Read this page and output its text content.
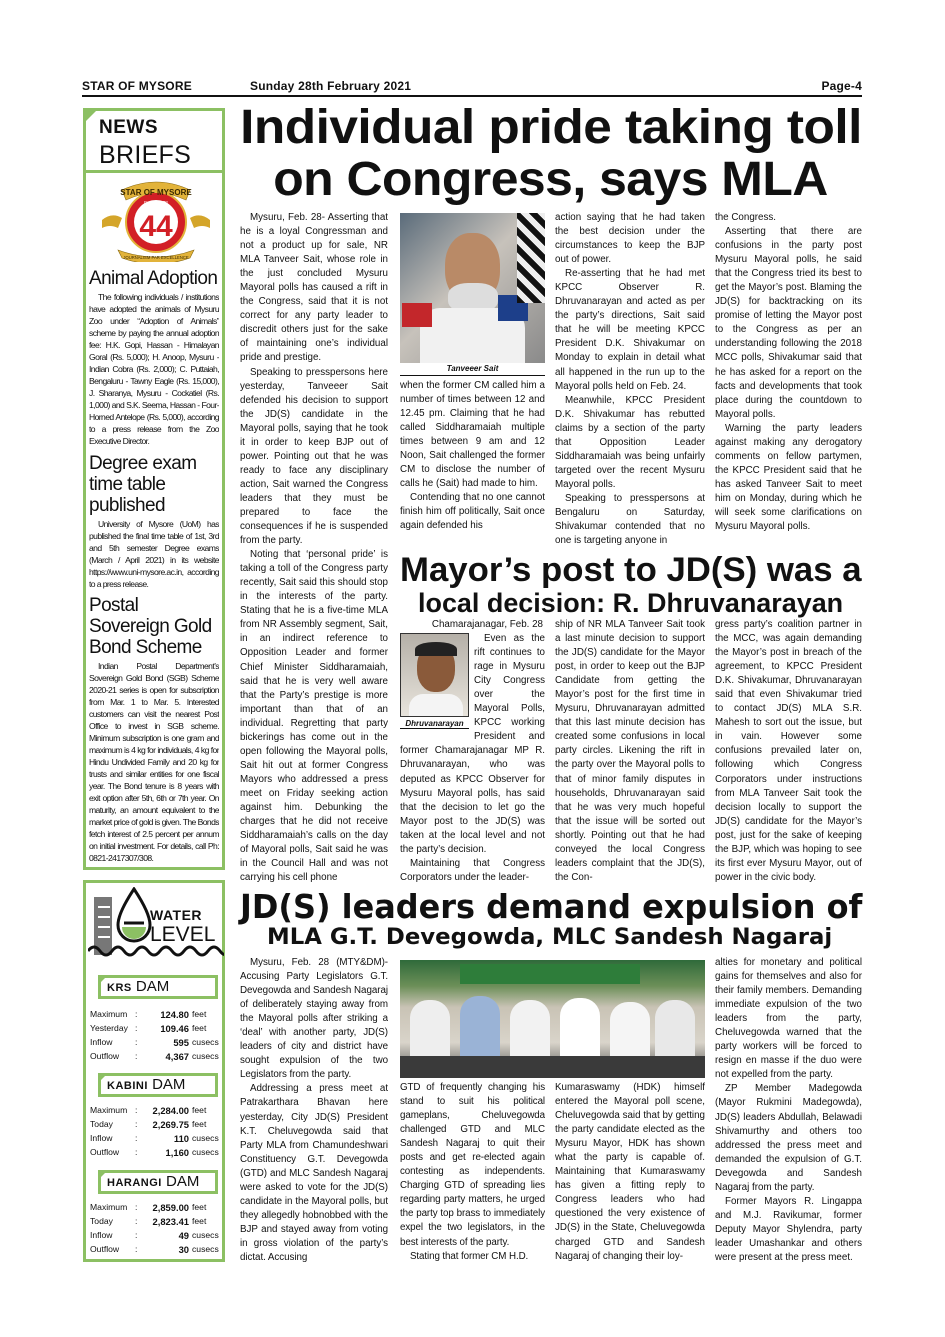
STAR OF MYSORE	Sunday 28th February 2021	Page-4
NEWS
BRIEFS
44
STAR OF MYSORE
Estd. 1978
JOURNALISM PAR EXCELLENCE
Animal Adoption

The following individuals / institutions have adopted the animals of Mysuru Zoo under “Adoption of Animals” scheme by paying the annual adoption fee: H.K. Gopi, Hassan - Himalayan Goral (Rs. 5,000); H. Anoop, Mysuru - Indian Cobra (Rs. 2,000); C. Puttaiah, Bengaluru - Tawny Eagle (Rs. 15,000), J. Sharanya, Mysuru - Cockatiel (Rs. 1,000) and S.K. Seema, Hassan - Four-Horned Antelope (Rs. 5,000), according to a press release from the Zoo Executive Director.

Degree exam time table published

University of Mysore (UoM) has published the final time table of 1st, 3rd and 5th semester Degree exams (March / April 2021) in its website https://www.uni-mysore.ac.in, according to a press release.

Postal Sovereign Gold Bond Scheme

Indian Postal Department’s Sovereign Gold Bond (SGB) Scheme 2020-21 series is open for subscription from Mar. 1 to Mar. 5. Interested customers can visit the nearest Post Office to invest in SGB scheme. Minimum subscription is one gram and maximum is 4 kg for individuals, 4 kg for Hindu Undivided Family and 20 kg for trusts and similar entities for one fiscal year. The Bond tenure is 8 years with exit option after 5th, 6th or 7th year. On maturity, an amount equivalent to the market price of gold is given. The Bonds fetch interest of 2.5 percent per annum on initial investment. For details, call Ph: 0821-2417307/308.

WATER
LEVEL
KRS DAM
Maximum :	124.80 feet
Yesterday :	109.46 feet
Inflow	:	595 cusecs
Outflow	:	4,367 cusecs
KABINI DAM
Maximum :	2,284.00 feet
Today	:	2,269.75 feet
Inflow	:	110 cusecs
Outflow	:	1,160 cusecs
HARANGI DAM
Maximum :	2,859.00 feet
Today	:	2,823.41 feet
Inflow	:	49 cusecs
Outflow	:	30 cusecs
Individual pride taking toll
on Congress, says MLA

Mysuru, Feb. 28- Asserting that he is a loyal Congressman and not a product up for sale, NR MLA Tanveer Sait, whose role in the just concluded Mysuru Mayoral polls has caused a rift in the Congress, said that it is not correct for any party leader to discredit others just for the sake of maintaining one’s individual pride and prestige.

Speaking to presspersons here yesterday, Tanveeer Sait defended his decision to support the JD(S) candidate in the Mayoral polls, saying that he took it in order to keep BJP out of power. Pointing out that he was ready to face any disciplinary action, Sait warned the Congress leaders that they must be prepared to face the consequences if he is suspended from the party.

Noting that ‘personal pride’ is taking a toll of the Congress party recently, Sait said this should stop in the interests of the party. Stating that he is a five-time MLA from NR Assembly segment, Sait, in an indirect reference to Opposition Leader and former Chief Minister Siddharamaiah, said that he is very well aware that the Party’s prestige is more important than that of an individual. Regretting that party bickerings has come out in the open following the Mayoral polls, Sait hit out at former Congress Mayors who addressed a press meet on Friday seeking action against him. Debunking the charges that he did not receive Siddharamaiah’s calls on the day of Mayoral polls, Sait said he was in the Council Hall and was not carrying his cell phone

Tanveeer Sait

when the former CM called him a number of times between 12 and 12.45 pm. Claiming that he had called Siddharamaiah multiple times between 9 am and 12 Noon, Sait challenged the former CM to disclose the number of calls he (Sait) had made to him.

Contending that no one cannot finish him off politically, Sait once again defended his

action saying that he had taken the best decision under the circumstances to keep the BJP out of power.

Re-asserting that he had met KPCC Observer R. Dhruvanarayan and acted as per the party’s directions, Sait said that he will be meeting KPCC President D.K. Shivakumar on Monday to explain in detail what all happened in the run up to the Mayoral polls held on Feb. 24.

Meanwhile, KPCC President D.K. Shivakumar has rebutted claims by a section of the party that Opposition Leader Siddharamaiah was being unfairly targeted over the recent Mysuru Mayoral polls.

Speaking to presspersons at Bengaluru on Saturday, Shivakumar contended that no one is targeting anyone in

the Congress.

Asserting that there are confusions in the party post Mysuru Mayoral polls, he said that the Congress tried its best to get the Mayor’s post. Blaming the JD(S) for backtracking on its promise of letting the Mayor post to the Congress as per an understanding following the 2018 MCC polls, Shivakumar said that he has asked for a report on the facts and developments that took place during the countdown to Mayoral polls.

Warning the party leaders against making any derogatory comments on fellow partymen, the KPCC President said that he has asked Tanveer Sait to meet him on Monday, during which he will seek some clarifications on Mysuru Mayoral polls.

Mayor’s post to JD(S) was a
local decision: R. Dhruvanarayan
Chamarajanagar, Feb. 28
Dhruvanarayan

Even as the rift continues to rage in Mysuru City Congress over the Mayoral Polls, KPCC working President and former Chamarajanagar MP R. Dhruvanarayan, who was deputed as KPCC Observer for Mysuru Mayoral polls, has said that the decision to let go the Mayor post to the JD(S) was taken at the local level and not the party’s decision.

Maintaining that Congress Corporators under the leader-

ship of NR MLA Tanveer Sait took a last minute decision to support the JD(S) candidate for the Mayor post, in order to keep out the BJP Candidate from getting the Mayor’s post for the first time in Mysuru, Dhruvanarayan admitted that this last minute decision has created some confusions in local party circles. Likening the rift in the party over the Mayoral polls to that of minor family disputes in households, Dhruvanarayan said that he was very much hopeful that the issue will be sorted out shortly. Pointing out that he had conveyed the local Congress leaders complaint that the JD(S), the Con-

gress party’s coalition partner in the MCC, was again demanding the Mayor’s post in breach of the agreement, to KPCC President D.K. Shivakumar, Dhruvanarayan said that even Shivakumar tried to contact JD(S) MLA S.R. Mahesh to sort out the issue, but in vain. However some confusions prevailed later on, following which Congress Corporators under instructions from MLA Tanveer Sait took the decision locally to support the JD(S) candidate for the Mayor’s post, just for the sake of keeping the BJP, which was hoping to see its first ever Mysuru Mayor, out of power in the civic body.

JD(S) leaders demand expulsion of
MLA G.T. Devegowda, MLC Sandesh Nagaraj

Mysuru, Feb. 28 (MTY&DM)- Accusing Party Legislators G.T. Devegowda and Sandesh Nagaraj of deliberately staying away from the Mayoral polls after striking a ‘deal’ with another party, JD(S) leaders of city and district have sought expulsion of the two Legislators from the party.

Addressing a press meet at Patrakarthara Bhavan here yesterday, City JD(S) President K.T. Cheluvegowda said that Party MLA from Chamundeshwari Constituency G.T. Devegowda (GTD) and MLC Sandesh Nagaraj were asked to vote for the JD(S) candidate in the Mayoral polls, but they allegedly hobnobbed with the BJP and stayed away from voting in gross violation of the party’s dictat. Accusing

GTD of frequently changing his stand to suit his political gameplans, Cheluvegowda challenged GTD and MLC Sandesh Nagaraj to quit their posts and get re-elected again contesting as independents. Charging GTD of spreading lies regarding party matters, he urged the party top brass to immediately expel the two legislators, in the best interests of the party.

Stating that former CM H.D.

Kumaraswamy (HDK) himself entered the Mayoral poll scene, Cheluvegowda said that by getting the party candidate elected as the Mysuru Mayor, HDK has shown what the party is capable of. Maintaining that Kumaraswamy has given a fitting reply to Congress leaders who had questioned the very existence of JD(S) in the State, Cheluvegowda charged GTD and Sandesh Nagaraj of changing their loy-

alties for monetary and political gains for themselves and also for their family members. Demanding immediate expulsion of the two leaders from the party, Cheluvegowda warned that the party workers will be forced to resign en masse if the duo were not expelled from the party.

ZP Member Madegowda (Mayor Rukmini Madegowda), JD(S) leaders Abdullah, Belawadi Shivamurthy and others too addressed the press meet and demanded the expulsion of G.T. Devegowda and Sandesh Nagaraj from the party.

Former Mayors R. Lingappa and M.J. Ravikumar, former Deputy Mayor Shylendra, party leader Umashankar and others were present at the press meet.
